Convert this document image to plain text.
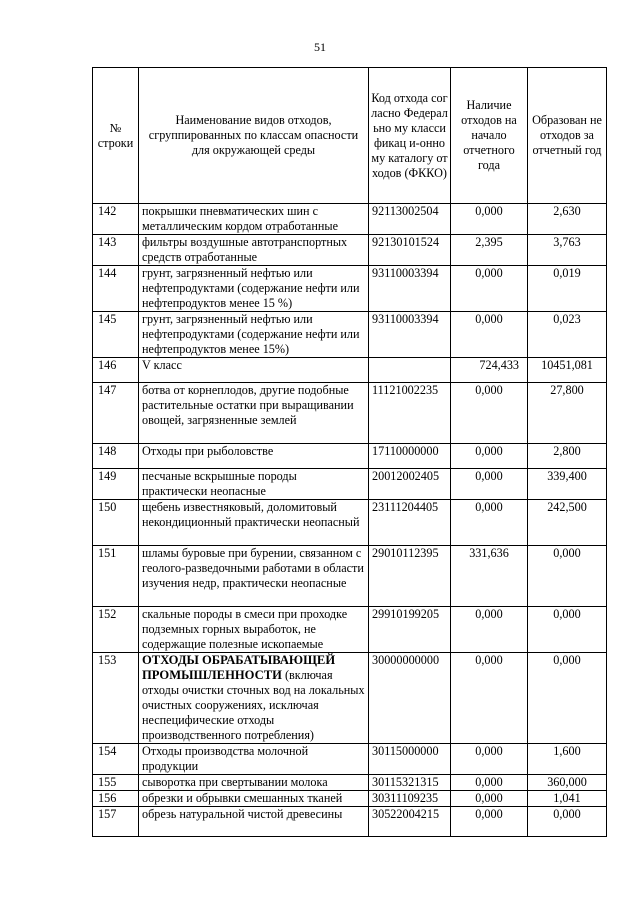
51
№ строки	Наименование видов отходов, сгруппированных по классам опасности для окружающей среды	Код отхода согласно Федерально му классификац и-онному каталогу отходов (ФККО)	Наличие отходов на начало отчетного года	Образован не отходов за отчетный год
142	покрышки пневматических шин с металлическим кордом отработанные	92113002504	0,000	2,630
143	фильтры воздушные автотранспортных средств отработанные	92130101524	2,395	3,763
144	грунт, загрязненный нефтью или нефтепродуктами (содержание нефти или нефтепродуктов менее 15 %)	93110003394	0,000	0,019
145	грунт, загрязненный нефтью или нефтепродуктами (содержание нефти или нефтепродуктов менее 15%)	93110003394	0,000	0,023
146	V класс		724,433	10451,081
147	ботва от корнеплодов, другие подобные растительные остатки при выращивании овощей, загрязненные землей	11121002235	0,000	27,800
148	Отходы при рыболовстве	17110000000	0,000	2,800
149	песчаные вскрышные породы практически неопасные	20012002405	0,000	339,400
150	щебень известняковый, доломитовый некондиционный практически неопасный	23111204405	0,000	242,500
151	шламы буровые при бурении, связанном с геолого-разведочными работами в области изучения недр, практически неопасные	29010112395	331,636	0,000
152	скальные породы в смеси при проходке подземных горных выработок, не содержащие полезные ископаемые	29910199205	0,000	0,000
153	ОТХОДЫ ОБРАБАТЫВАЮЩЕЙ ПРОМЫШЛЕННОСТИ (включая отходы очистки сточных вод на локальных очистных сооружениях, исключая неспецифические отходы производственного потребления)	30000000000	0,000	0,000
154	Отходы производства молочной продукции	30115000000	0,000	1,600
155	сыворотка при свертывании молока	30115321315	0,000	360,000
156	обрезки и обрывки смешанных тканей	30311109235	0,000	1,041
157	обрезь натуральной чистой древесины	30522004215	0,000	0,000
